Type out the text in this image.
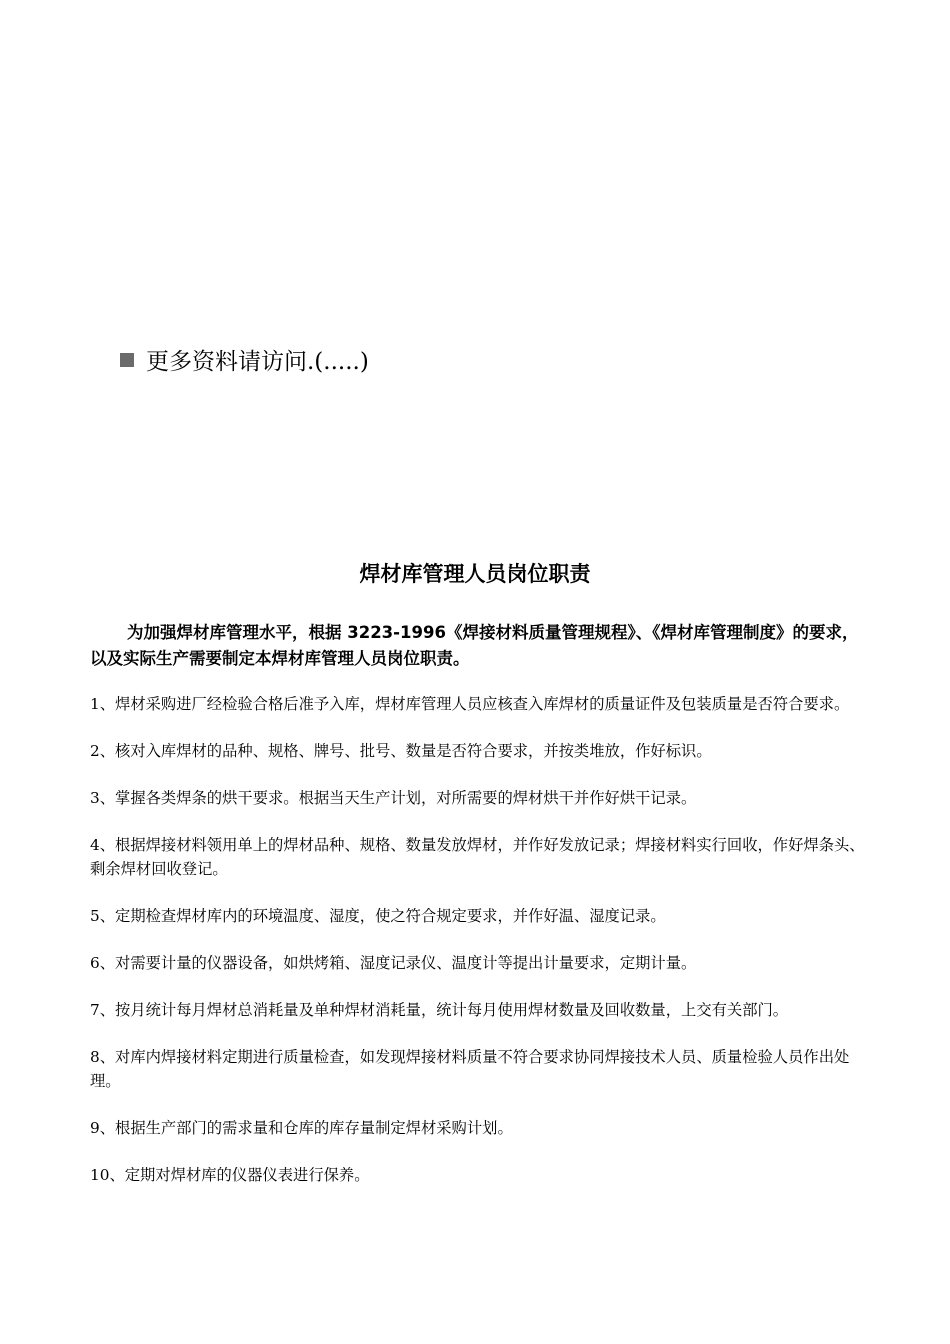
更多资料请访问.(.....)
焊材库管理人员岗位职责

为加强焊材库管理水平，根据 3223-1996《焊接材料质量管理规程》、《焊材库管理制度》的要求，以及实际生产需要制定本焊材库管理人员岗位职责。

1、焊材采购进厂经检验合格后准予入库，焊材库管理人员应核查入库焊材的质量证件及包装质量是否符合要求。
2、核对入库焊材的品种、规格、牌号、批号、数量是否符合要求，并按类堆放，作好标识。
3、掌握各类焊条的烘干要求。根据当天生产计划，对所需要的焊材烘干并作好烘干记录。
4、根据焊接材料领用单上的焊材品种、规格、数量发放焊材，并作好发放记录；焊接材料实行回收，作好焊条头、剩余焊材回收登记。
5、定期检查焊材库内的环境温度、湿度，使之符合规定要求，并作好温、湿度记录。
6、对需要计量的仪器设备，如烘烤箱、湿度记录仪、温度计等提出计量要求，定期计量。
7、按月统计每月焊材总消耗量及单种焊材消耗量，统计每月使用焊材数量及回收数量，上交有关部门。
8、对库内焊接材料定期进行质量检查，如发现焊接材料质量不符合要求协同焊接技术人员、质量检验人员作出处理。
9、根据生产部门的需求量和仓库的库存量制定焊材采购计划。
10、定期对焊材库的仪器仪表进行保养。
